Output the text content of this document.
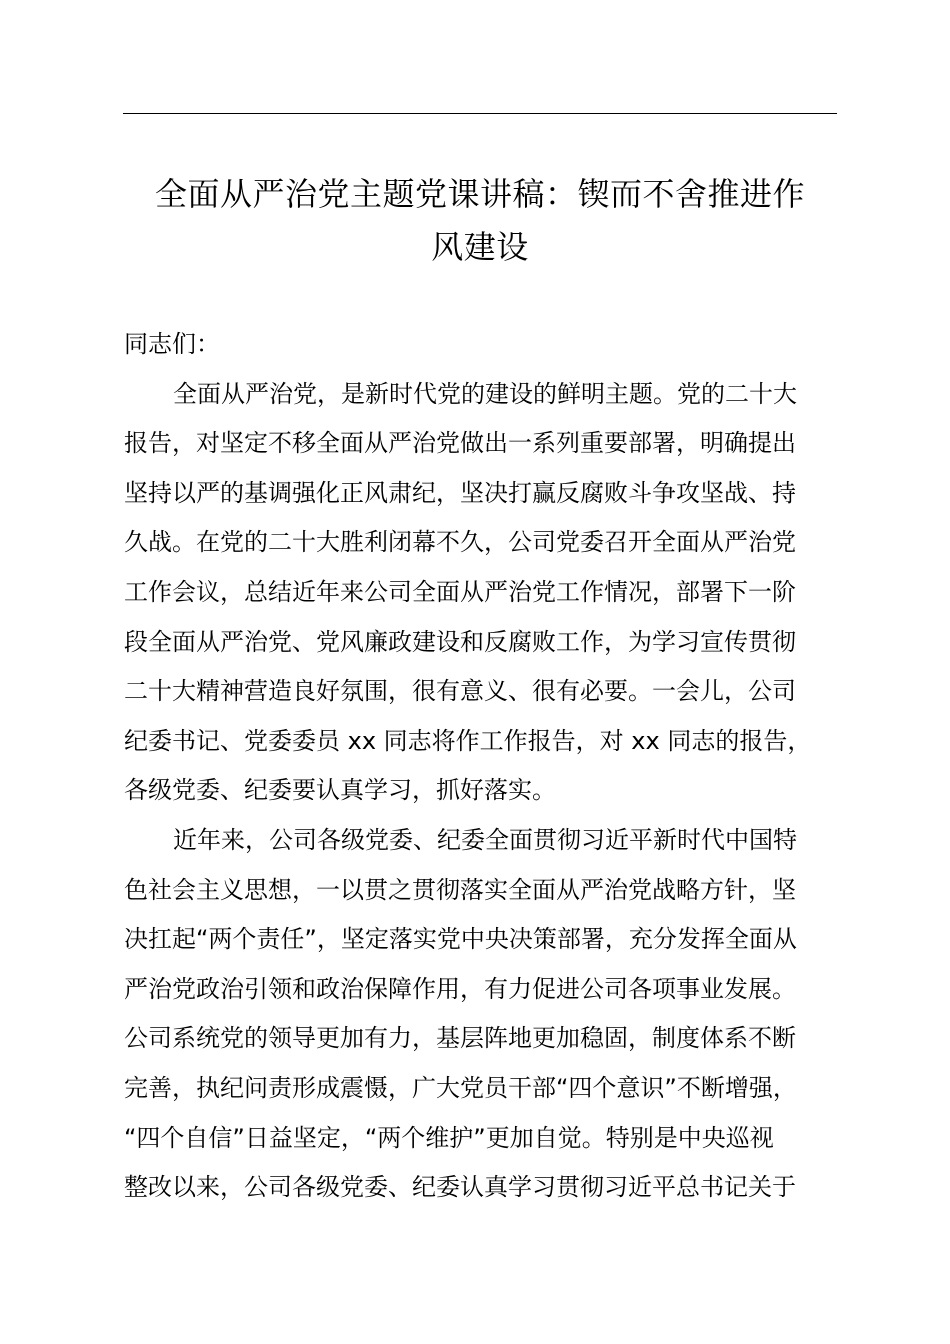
全面从严治党主题党课讲稿：锲而不舍推进作
风建设
同志们：
全面从严治党，是新时代党的建设的鲜明主题。党的二十大
报告，对坚定不移全面从严治党做出一系列重要部署，明确提出
坚持以严的基调强化正风肃纪，坚决打赢反腐败斗争攻坚战、持
久战。在党的二十大胜利闭幕不久，公司党委召开全面从严治党
工作会议，总结近年来公司全面从严治党工作情况，部署下一阶
段全面从严治党、党风廉政建设和反腐败工作，为学习宣传贯彻
二十大精神营造良好氛围，很有意义、很有必要。一会儿，公司
纪委书记、党委委员 xx 同志将作工作报告，对 xx 同志的报告，
各级党委、纪委要认真学习，抓好落实。
近年来，公司各级党委、纪委全面贯彻习近平新时代中国特
色社会主义思想，一以贯之贯彻落实全面从严治党战略方针，坚
决扛起“两个责任”，坚定落实党中央决策部署，充分发挥全面从
严治党政治引领和政治保障作用，有力促进公司各项事业发展。
公司系统党的领导更加有力，基层阵地更加稳固，制度体系不断
完善，执纪问责形成震慑，广大党员干部“四个意识”不断增强，
“四个自信”日益坚定，“两个维护”更加自觉。特别是中央巡视
整改以来，公司各级党委、纪委认真学习贯彻习近平总书记关于
